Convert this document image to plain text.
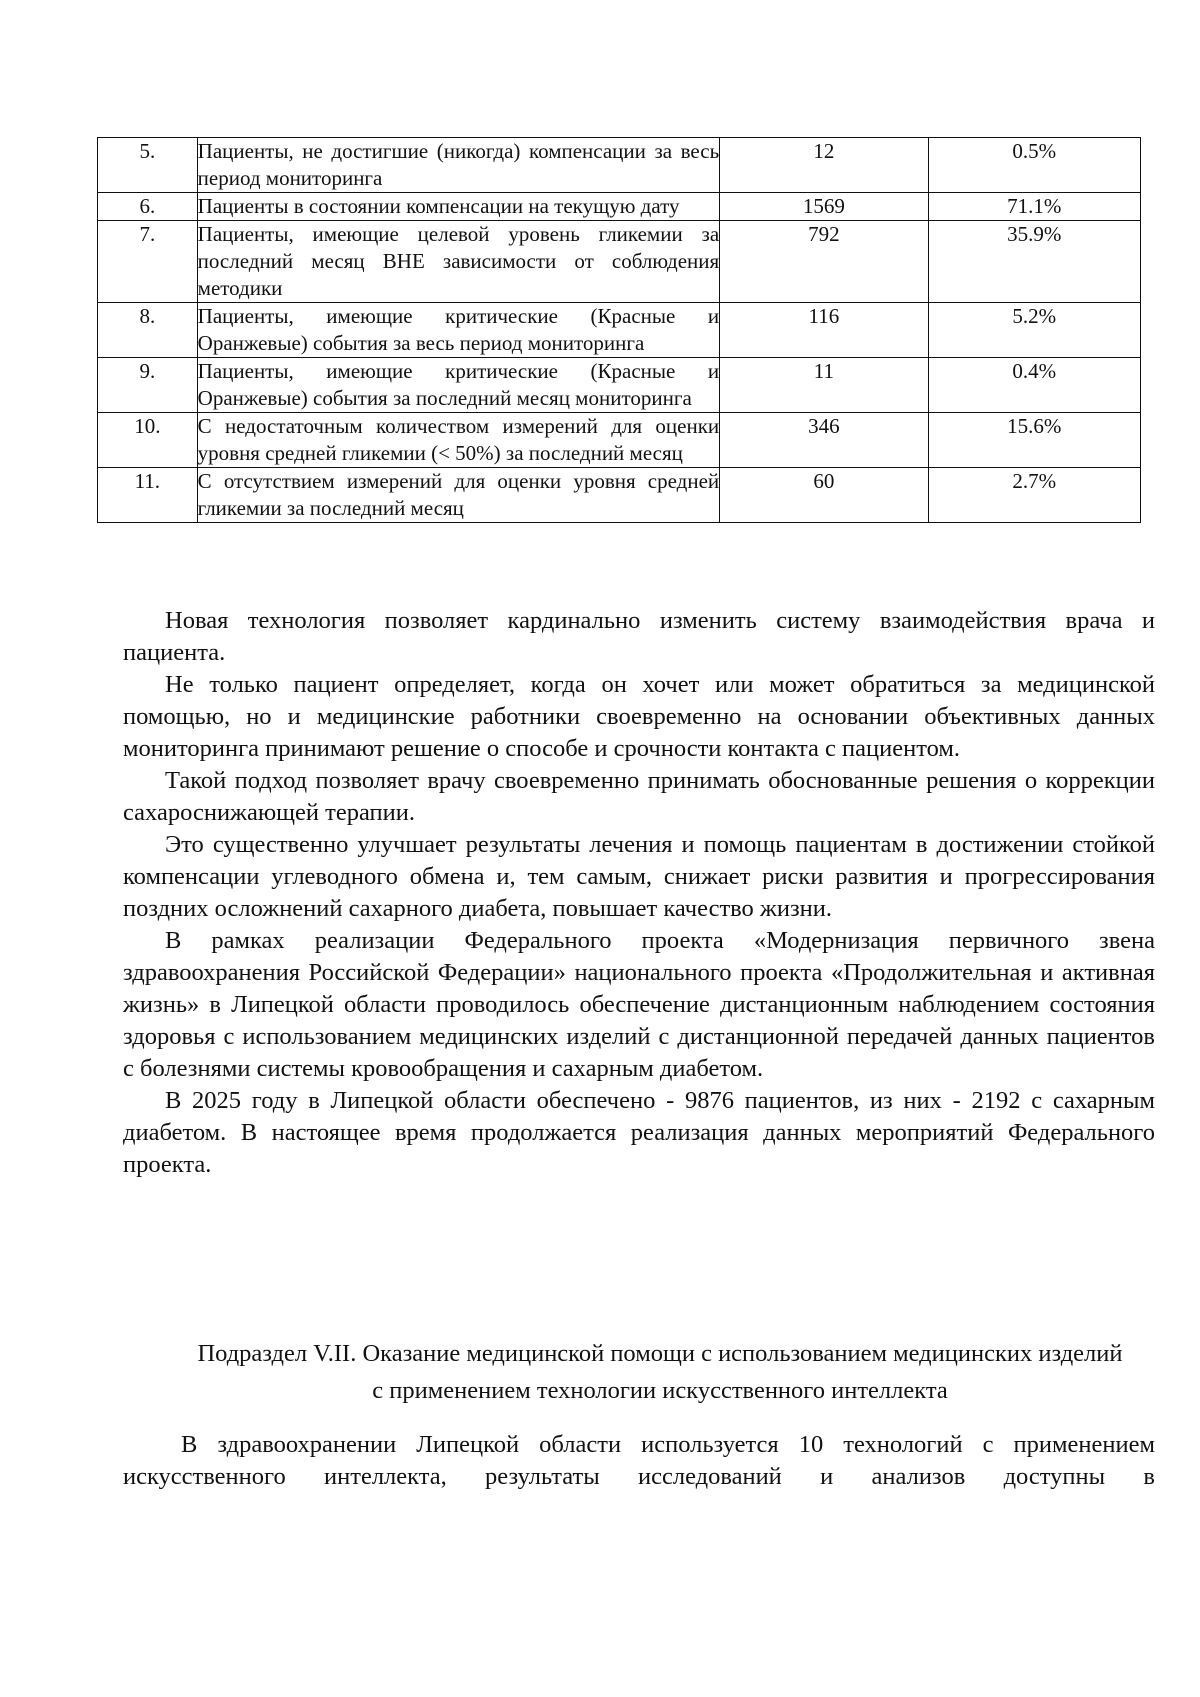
5.	Пациенты, не достигшие (никогда) компенсации за весь период мониторинга	12	0.5%
6.	Пациенты в состоянии компенсации на текущую дату	1569	71.1%
7.	Пациенты, имеющие целевой уровень гликемии за последний месяц ВНЕ зависимости от соблюдения методики	792	35.9%
8.	Пациенты, имеющие критические (Красные и Оранжевые) события за весь период мониторинга	116	5.2%
9.	Пациенты, имеющие критические (Красные и Оранжевые) события за последний месяц мониторинга	11	0.4%
10.	С недостаточным количеством измерений для оценки уровня средней гликемии (< 50%) за последний месяц	346	15.6%
11.	С отсутствием измерений для оценки уровня средней гликемии за последний месяц	60	2.7%

Новая технология позволяет кардинально изменить систему взаимодействия врача и пациента.

Не только пациент определяет, когда он хочет или может обратиться за медицинской помощью, но и медицинские работники своевременно на основании объективных данных мониторинга принимают решение о способе и срочности контакта с пациентом.

Такой подход позволяет врачу своевременно принимать обоснованные решения о коррекции сахароснижающей терапии.

Это существенно улучшает результаты лечения и помощь пациентам в достижении стойкой компенсации углеводного обмена и, тем самым, снижает риски развития и прогрессирования поздних осложнений сахарного диабета, повышает качество жизни.

В рамках реализации Федерального проекта «Модернизация первичного звена здравоохранения Российской Федерации» национального проекта «Продолжительная и активная жизнь» в Липецкой области проводилось обеспечение дистанционным наблюдением состояния здоровья с использованием медицинских изделий с дистанционной передачей данных пациентов с болезнями системы кровообращения и сахарным диабетом.

В 2025 году в Липецкой области обеспечено - 9876 пациентов, из них - 2192 с сахарным диабетом. В настоящее время продолжается реализация данных мероприятий Федерального проекта.

Подраздел V.II. Оказание медицинской помощи с использованием медицинских изделий с применением технологии искусственного интеллекта

В здравоохранении Липецкой области используется 10 технологий с применением искусственного интеллекта, результаты исследований и анализов доступны в
